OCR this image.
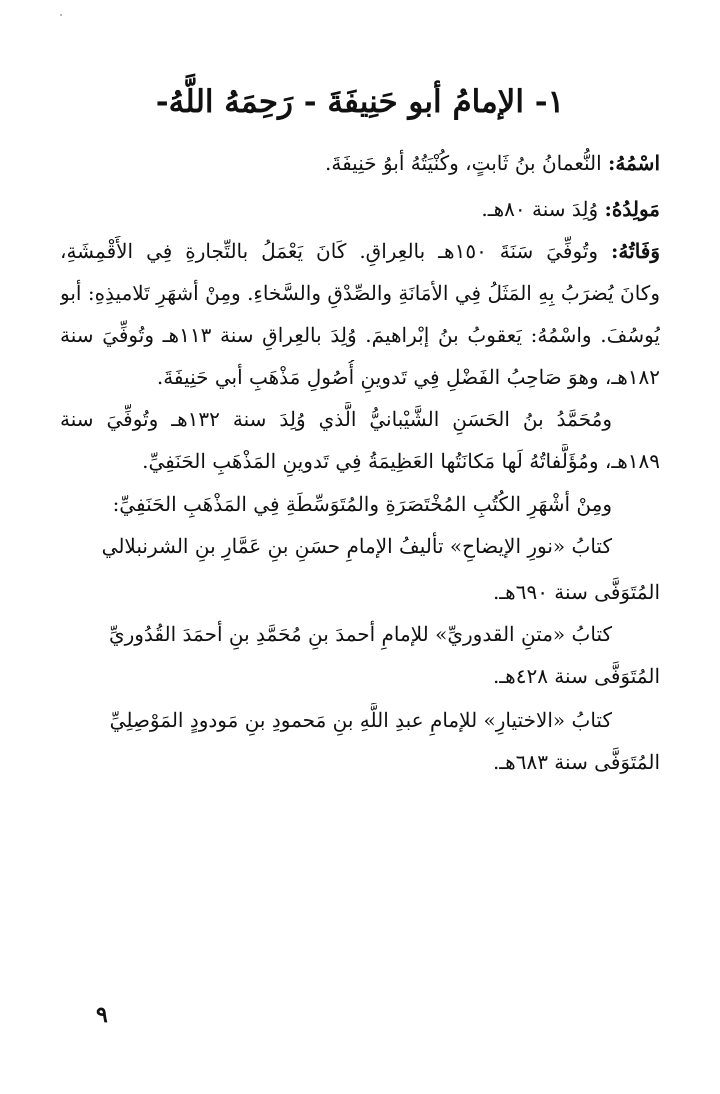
١- الإمامُ أبو حَنِيفَةَ - رَحِمَهُ اللَّهُ-
اسْمُهُ: النُّعمانُ بنُ ثَابتٍ، وكُنْيَتُهُ أبوُ حَنِيفَةَ.
مَولِدُهُ: وُلِدَ سنة ٨٠هـ.
وَفَاتُهُ: وتُوفِّيَ سَنَةَ ١٥٠هـ بالعِراقِ. كَانَ يَعْمَلُ بالتِّجارةِ فِي الأَقْمِشَةِ،
وكانَ يُضرَبُ بِهِ المَثَلُ فِي الأمَانَةِ والصِّدْقِ والسَّخاءِ. ومِنْ أشهَرِ تَلاميذِهِ: أبو
يُوسُفَ. واسْمُهُ: يَعقوبُ بنُ إبْراهيمَ. وُلِدَ بالعِراقِ سنة ١١٣هـ وتُوفِّيَ سنة
١٨٢هـ، وهوَ صَاحِبُ الفَضْلِ فِي تَدوينِ أُصُولِ مَذْهَبِ أبي حَنِيفَةَ.
ومُحَمَّدُ بنُ الحَسَنِ الشَّيْبانيُّ الَّذي وُلِدَ سنة ١٣٢هـ وتُوفِّيَ سنة
١٨٩هـ، ومُؤَلَّفاتُهُ لَها مَكانَتُها العَظِيمَةُ فِي تَدوينِ المَذْهَبِ الحَنَفِيِّ.
ومِنْ أشْهَرِ الكُتُبِ المُخْتَصَرَةِ والمُتَوَسِّطَةِ فِي المَذْهَبِ الحَنَفِيِّ:
كتابُ «نورِ الإيضاحِ» تأليفُ الإمامِ حسَنِ بنِ عَمَّارِ بنِ الشرنبلالي
المُتَوَفَّى سنة ٦٩٠هـ.
كتابُ «متنِ القدوريِّ» للإمامِ أحمدَ بنِ مُحَمَّدِ بنِ أحمَدَ القُدُوريِّ
المُتَوَفَّى سنة ٤٢٨هـ.
كتابُ «الاختيارِ» للإمامِ عبدِ اللَّهِ بنِ مَحمودِ بنِ مَودودٍ المَوْصِلِيِّ
المُتَوَفَّى سنة ٦٨٣هـ.
٩
